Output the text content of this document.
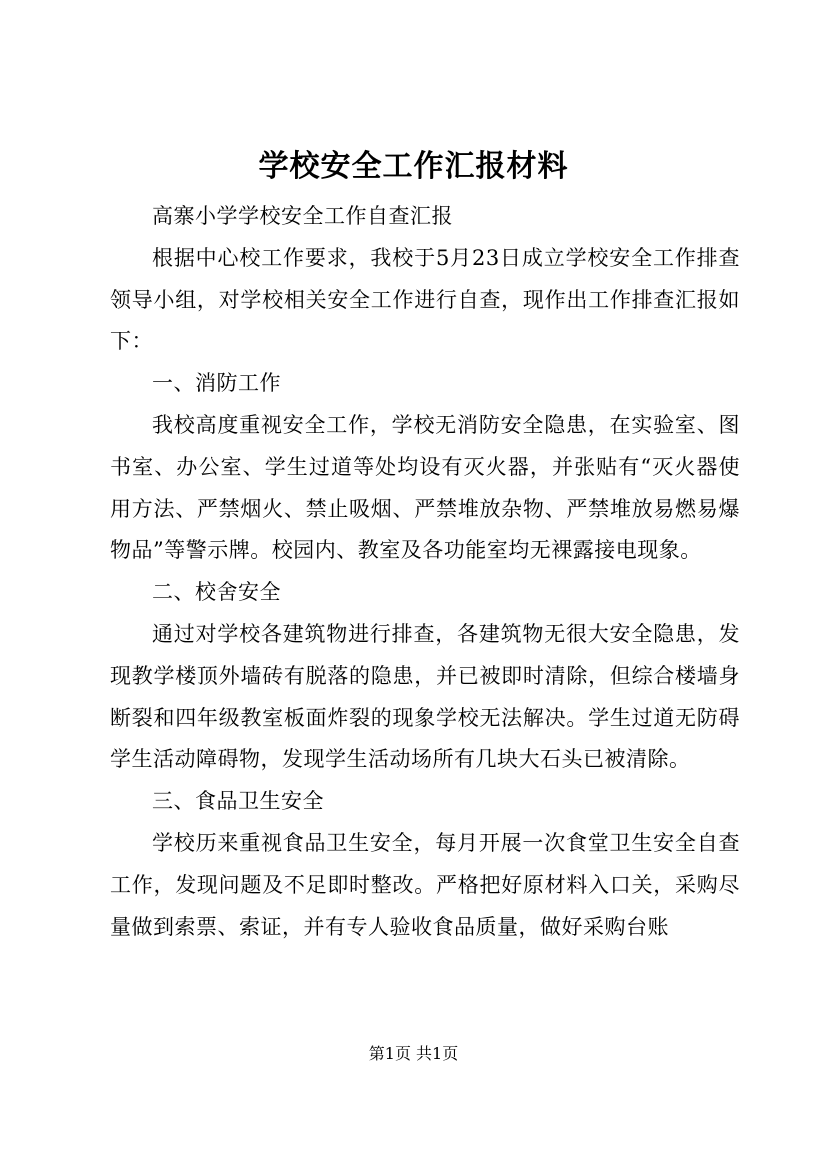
学校安全工作汇报材料

高寨小学学校安全工作自查汇报

根据中心校工作要求，我校于5月23日成立学校安全工作排查领导小组，对学校相关安全工作进行自查，现作出工作排查汇报如下：

一、消防工作

我校高度重视安全工作，学校无消防安全隐患，在实验室、图书室、办公室、学生过道等处均设有灭火器，并张贴有“灭火器使用方法、严禁烟火、禁止吸烟、严禁堆放杂物、严禁堆放易燃易爆物品”等警示牌。校园内、教室及各功能室均无裸露接电现象。

二、校舍安全

通过对学校各建筑物进行排查，各建筑物无很大安全隐患，发现教学楼顶外墙砖有脱落的隐患，并已被即时清除，但综合楼墙身断裂和四年级教室板面炸裂的现象学校无法解决。学生过道无防碍学生活动障碍物，发现学生活动场所有几块大石头已被清除。

三、食品卫生安全

学校历来重视食品卫生安全，每月开展一次食堂卫生安全自查工作，发现问题及不足即时整改。严格把好原材料入口关，采购尽量做到索票、索证，并有专人验收食品质量，做好采购台账

第1页 共1页
